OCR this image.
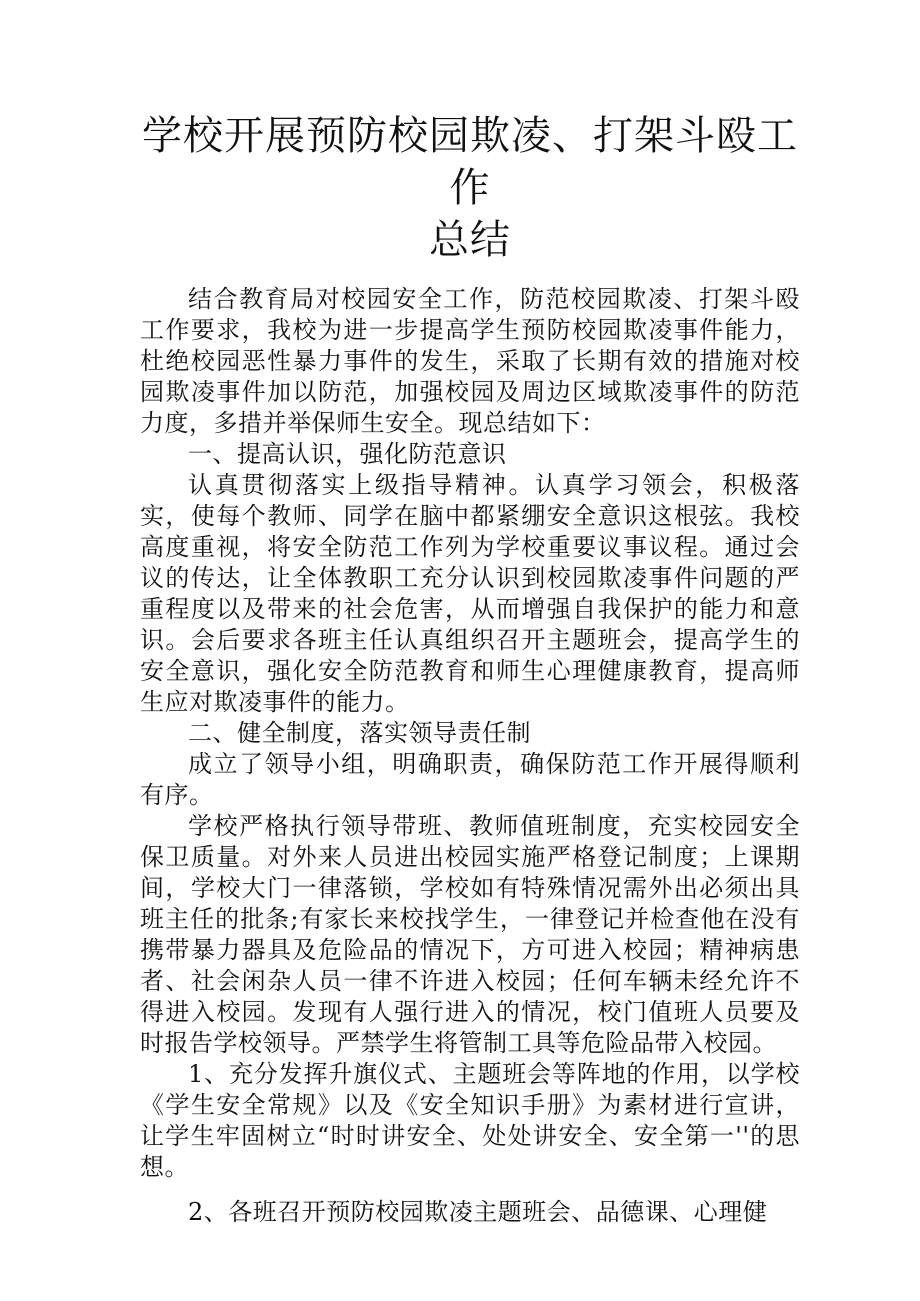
学校开展预防校园欺凌、打架斗殴工作
总结

结合教育局对校园安全工作，防范校园欺凌、打架斗殴工作要求，我校为进一步提高学生预防校园欺凌事件能力，杜绝校园恶性暴力事件的发生，采取了长期有效的措施对校园欺凌事件加以防范，加强校园及周边区域欺凌事件的防范力度，多措并举保师生安全。现总结如下：

一、提高认识，强化防范意识

认真贯彻落实上级指导精神。认真学习领会，积极落实，使每个教师、同学在脑中都紧绷安全意识这根弦。我校高度重视，将安全防范工作列为学校重要议事议程。通过会议的传达，让全体教职工充分认识到校园欺凌事件问题的严重程度以及带来的社会危害，从而增强自我保护的能力和意识。会后要求各班主任认真组织召开主题班会，提高学生的安全意识，强化安全防范教育和师生心理健康教育，提高师生应对欺凌事件的能力。

二、健全制度，落实领导责任制

成立了领导小组，明确职责，确保防范工作开展得顺利有序。

学校严格执行领导带班、教师值班制度，充实校园安全保卫质量。对外来人员进出校园实施严格登记制度；上课期间，学校大门一律落锁，学校如有特殊情况需外出必须出具班主任的批条;有家长来校找学生，一律登记并检查他在没有携带暴力器具及危险品的情况下，方可进入校园；精神病患者、社会闲杂人员一律不许进入校园；任何车辆未经允许不得进入校园。发现有人强行进入的情况，校门值班人员要及时报告学校领导。严禁学生将管制工具等危险品带入校园。

1、充分发挥升旗仪式、主题班会等阵地的作用，以学校《学生安全常规》以及《安全知识手册》为素材进行宣讲，让学生牢固树立“时时讲安全、处处讲安全、安全第一''的思想。

2、各班召开预防校园欺凌主题班会、品德课、心理健
